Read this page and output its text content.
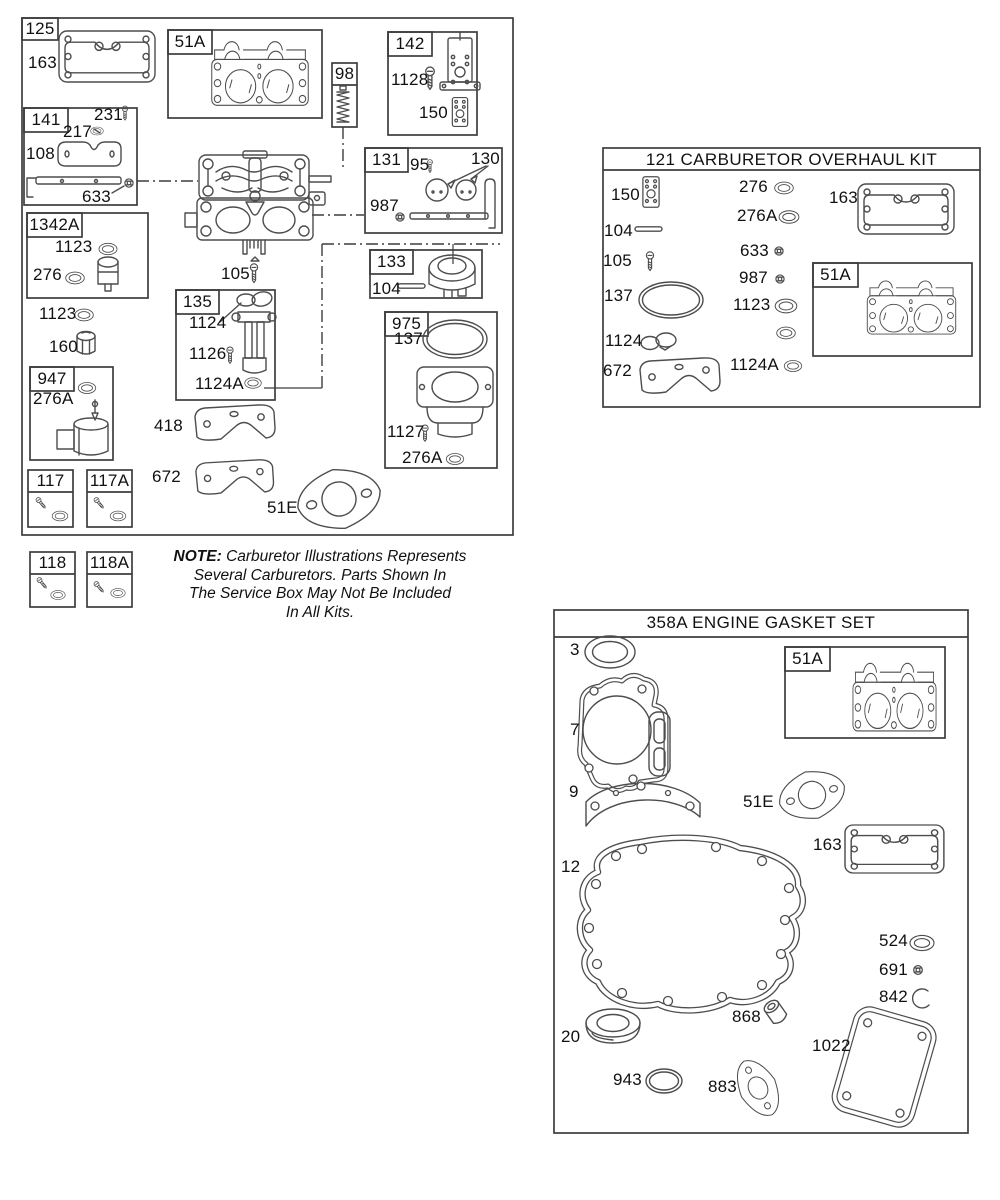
125
163
51A
98
142
1128
150
141	231
217
108
633
131 95 130
987
1342A
1123
276
133
104
105
135
1124
1126
1124A
975
137
1123
160
947
276A
418
672
1127
276A
51E
117	117A
118	118A	NOTE: Carburetor Illustrations Represents
Several Carburetors. Parts Shown In
The Service Box May Not Be Included
In All Kits.
121 CARBURETOR OVERHAUL KIT
150
104
105
137
1124
672
276
276A
633
987
1123
1124A
163
51A
358A ENGINE GASKET SET
3
7
9
51A
51E
163
12
524
691
842
868
20
943	883
1022
